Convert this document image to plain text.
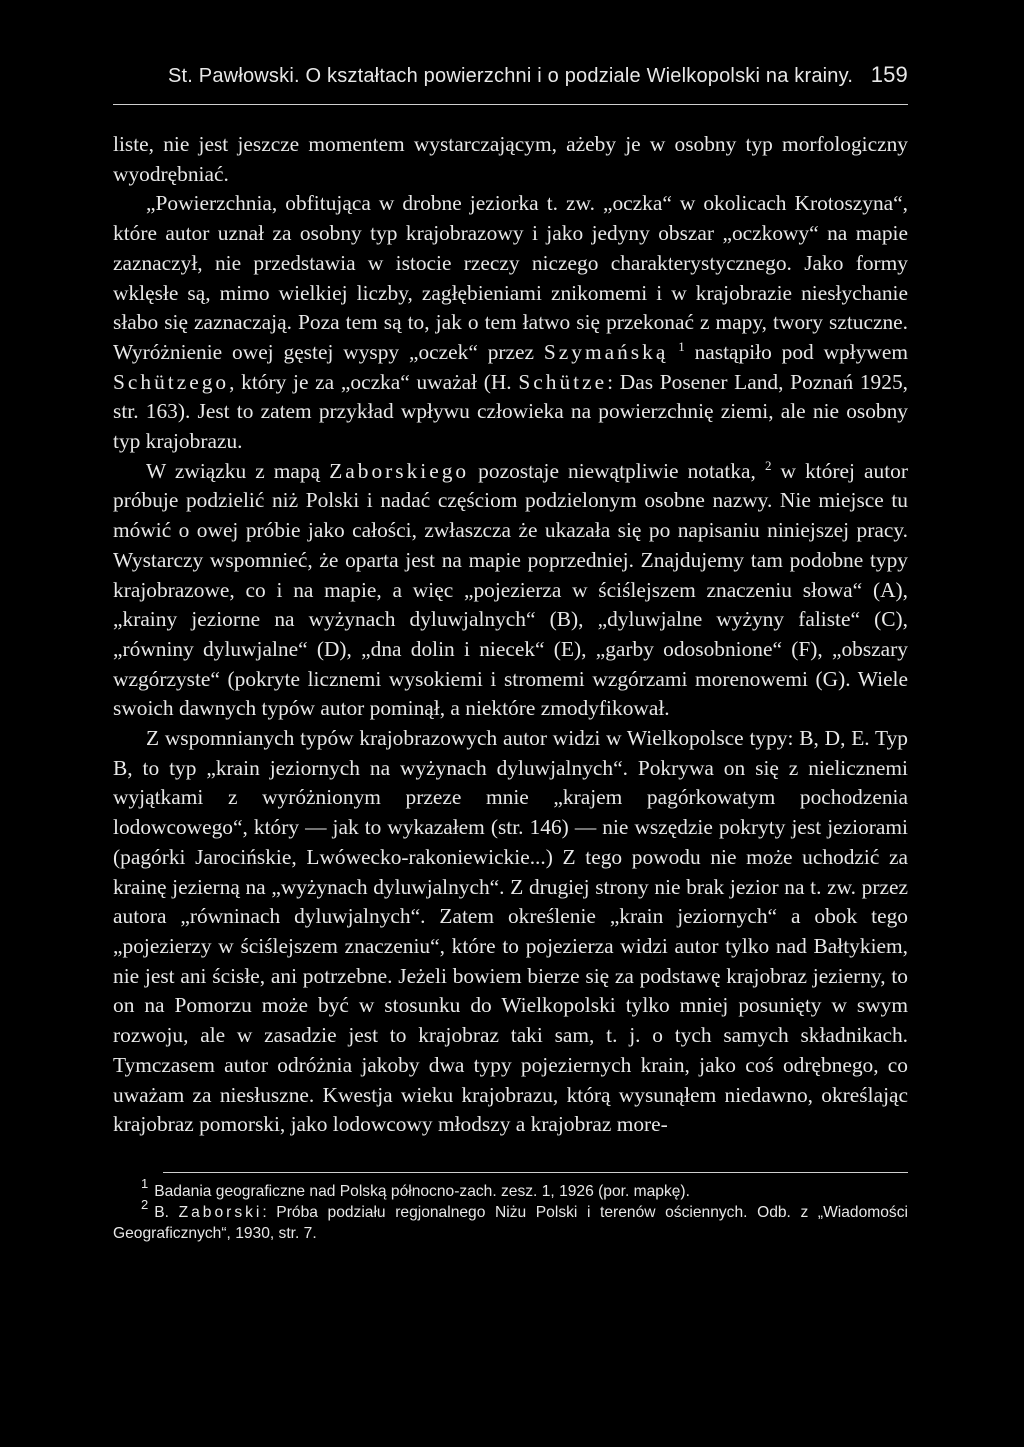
St. Pawłowski. O kształtach powierzchni i o podziale Wielkopolski na krainy. 159

liste, nie jest jeszcze momentem wystarczającym, ażeby je w osobny typ morfologiczny wyodrębniać.

„Powierzchnia, obfitująca w drobne jeziorka t. zw. „oczka“ w okolicach Krotoszyna“, które autor uznał za osobny typ krajobrazowy i jako jedyny obszar „oczkowy“ na mapie zaznaczył, nie przedstawia w istocie rzeczy niczego charakterystycznego. Jako formy wklęsłe są, mimo wielkiej liczby, zagłębieniami znikomemi i w krajobrazie niesłychanie słabo się zaznaczają. Poza tem są to, jak o tem łatwo się przekonać z mapy, twory sztuczne. Wyróżnienie owej gęstej wyspy „oczek“ przez Szymańską $^1$ nastąpiło pod wpływem Schützego, który je za „oczka“ uważał (H. Schütze: Das Posener Land, Poznań 1925, str. 163). Jest to zatem przykład wpływu człowieka na powierzchnię ziemi, ale nie osobny typ krajobrazu.

W związku z mapą Zaborskiego pozostaje niewątpliwie notatka, $^2$ w której autor próbuje podzielić niż Polski i nadać częściom podzielonym osobne nazwy. Nie miejsce tu mówić o owej próbie jako całości, zwłaszcza że ukazała się po napisaniu niniejszej pracy. Wystarczy wspomnieć, że oparta jest na mapie poprzedniej. Znajdujemy tam podobne typy krajobrazowe, co i na mapie, a więc „pojezierza w ściślejszem znaczeniu słowa“ (A), „krainy jeziorne na wyżynach dyluwjalnych“ (B), „dyluwjalne wyżyny faliste“ (C), „równiny dyluwjalne“ (D), „dna dolin i niecek“ (E), „garby odosobnione“ (F), „obszary wzgórzyste“ (pokryte licznemi wysokiemi i stromemi wzgórzami morenowemi (G). Wiele swoich dawnych typów autor pominął, a niektóre zmodyfikował.

Z wspomnianych typów krajobrazowych autor widzi w Wielkopolsce typy: B, D, E. Typ B, to typ „krain jeziornych na wyżynach dyluwjalnych“. Pokrywa on się z nielicznemi wyjątkami z wyróżnionym przeze mnie „krajem pagórkowatym pochodzenia lodowcowego“, który — jak to wykazałem (str. 146) — nie wszędzie pokryty jest jeziorami (pagórki Jarocińskie, Lwówecko-rakoniewickie...) Z tego powodu nie może uchodzić za krainę jezierną na „wyżynach dyluwjalnych“. Z drugiej strony nie brak jezior na t. zw. przez autora „równinach dyluwjalnych“. Zatem określenie „krain jeziornych“ a obok tego „pojezierzy w ściślejszem znaczeniu“, które to pojezierza widzi autor tylko nad Bałtykiem, nie jest ani ścisłe, ani potrzebne. Jeżeli bowiem bierze się za podstawę krajobraz jezierny, to on na Pomorzu może być w stosunku do Wielkopolski tylko mniej posunięty w swym rozwoju, ale w zasadzie jest to krajobraz taki sam, t. j. o tych samych składnikach. Tymczasem autor odróżnia jakoby dwa typy pojeziernych krain, jako coś odrębnego, co uważam za niesłuszne. Kwestja wieku krajobrazu, którą wysunąłem niedawno, określając krajobraz pomorski, jako lodowcowy młodszy a krajobraz more-

$^1$ Badania geograficzne nad Polską północno-zach. zesz. 1, 1926 (por. mapkę).

$^2$ B. Zaborski: Próba podziału regjonalnego Niżu Polski i terenów ościennych. Odb. z „Wiadomości Geograficznych“, 1930, str. 7.
